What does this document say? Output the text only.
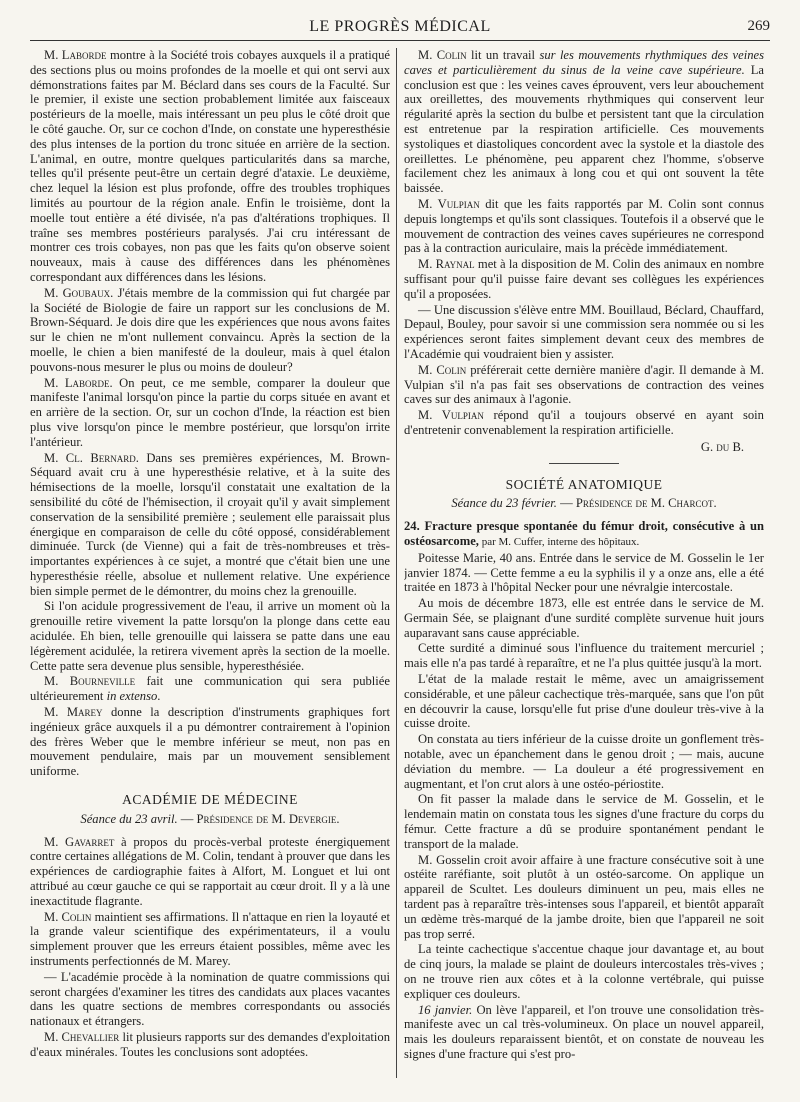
LE PROGRÈS MÉDICAL	269

M. Laborde montre à la Société trois cobayes auxquels il a pratiqué des sections plus ou moins profondes de la moelle et qui ont servi aux démonstrations faites par M. Béclard dans ses cours de la Faculté. Sur le premier, il existe une section probablement limitée aux faisceaux postérieurs de la moelle, mais intéressant un peu plus le côté droit que le côté gauche. Or, sur ce cochon d'Inde, on constate une hyperesthésie des plus intenses de la portion du tronc située en arrière de la section. L'animal, en outre, montre quelques particularités dans sa marche, telles qu'il présente peut-être un certain degré d'ataxie. Le deuxième, chez lequel la lésion est plus profonde, offre des troubles trophiques limités au pourtour de la région anale. Enfin le troisième, dont la moelle tout entière a été divisée, n'a pas d'altérations trophiques. Il traîne ses membres postérieurs paralysés. J'ai cru intéressant de montrer ces trois cobayes, non pas que les faits qu'on observe soient nouveaux, mais à cause des différences dans les phénomènes correspondant aux différences dans les lésions.

M. Goubaux. J'étais membre de la commission qui fut chargée par la Société de Biologie de faire un rapport sur les conclusions de M. Brown-Séquard. Je dois dire que les expériences que nous avons faites sur le chien ne m'ont nullement convaincu. Après la section de la moelle, le chien a bien manifesté de la douleur, mais à quel étalon pouvons-nous mesurer le plus ou moins de douleur?

M. Laborde. On peut, ce me semble, comparer la douleur que manifeste l'animal lorsqu'on pince la partie du corps située en avant et en arrière de la section. Or, sur un cochon d'Inde, la réaction est bien plus vive lorsqu'on pince le membre postérieur, que lorsqu'on irrite l'antérieur.

M. Cl. Bernard. Dans ses premières expériences, M. Brown-Séquard avait cru à une hyperesthésie relative, et à la suite des hémisections de la moelle, lorsqu'il constatait une exaltation de la sensibilité du côté de l'hémisection, il croyait qu'il y avait simplement conservation de la sensibilité première ; seulement elle paraissait plus énergique en comparaison de celle du côté opposé, considérablement diminuée. Turck (de Vienne) qui a fait de très-nombreuses et très-importantes expériences à ce sujet, a montré que c'était bien une une hyperesthésie réelle, absolue et nullement relative. Une expérience bien simple permet de le démontrer, du moins chez la grenouille.

Si l'on acidule progressivement de l'eau, il arrive un moment où la grenouille retire vivement la patte lorsqu'on la plonge dans cette eau acidulée. Eh bien, telle grenouille qui laissera se patte dans une eau légèrement acidulée, la retirera vivement après la section de la moelle. Cette patte sera devenue plus sensible, hyperesthésiée.

M. Bourneville fait une communication qui sera publiée ultérieurement in extenso.

M. Marey donne la description d'instruments graphiques fort ingénieux grâce auxquels il a pu démontrer contrairement à l'opinion des frères Weber que le membre inférieur se meut, non pas en mouvement pendulaire, mais par un mouvement sensiblement uniforme.

ACADÉMIE DE MÉDECINE
Séance du 23 avril. — Présidence de M. Devergie.

M. Gavarret à propos du procès-verbal proteste énergiquement contre certaines allégations de M. Colin, tendant à prouver que dans les expériences de cardiographie faites à Alfort, M. Longuet et lui ont attribué au cœur gauche ce qui se rapportait au cœur droit. Il y a là une inexactitude flagrante.

M. Colin maintient ses affirmations. Il n'attaque en rien la loyauté et la grande valeur scientifique des expérimentateurs, il a voulu simplement prouver que les erreurs étaient possibles, même avec les instruments perfectionnés de M. Marey.

— L'académie procède à la nomination de quatre commissions qui seront chargées d'examiner les titres des candidats aux places vacantes dans les quatre sections de membres correspondants ou associés nationaux et étrangers.

M. Chevallier lit plusieurs rapports sur des demandes d'exploitation d'eaux minérales. Toutes les conclusions sont adoptées.

M. Colin lit un travail sur les mouvements rhythmiques des veines caves et particulièrement du sinus de la veine cave supérieure. La conclusion est que : les veines caves éprouvent, vers leur abouchement aux oreillettes, des mouvements rhythmiques qui conservent leur régularité après la section du bulbe et persistent tant que la circulation est entretenue par la respiration artificielle. Ces mouvements systoliques et diastoliques concordent avec la systole et la diastole des oreillettes. Le phénomène, peu apparent chez l'homme, s'observe facilement chez les animaux à long cou et qui ont souvent la tête baissée.

M. Vulpian dit que les faits rapportés par M. Colin sont connus depuis longtemps et qu'ils sont classiques. Toutefois il a observé que le mouvement de contraction des veines caves supérieures ne correspond pas à la contraction auriculaire, mais la précède immédiatement.

M. Raynal met à la disposition de M. Colin des animaux en nombre suffisant pour qu'il puisse faire devant ses collègues les expériences qu'il a proposées.

— Une discussion s'élève entre MM. Bouillaud, Béclard, Chauffard, Depaul, Bouley, pour savoir si une commission sera nommée ou si les expériences seront faites simplement devant ceux des membres de l'Académie qui voudraient bien y assister.

M. Colin préférerait cette dernière manière d'agir. Il demande à M. Vulpian s'il n'a pas fait ses observations de contraction des veines caves sur des animaux à l'agonie.

M. Vulpian répond qu'il a toujours observé en ayant soin d'entretenir convenablement la respiration artificielle.

G. du B.
SOCIÉTÉ ANATOMIQUE
Séance du 23 février. — Présidence de M. Charcot.

24. Fracture presque spontanée du fémur droit, consécutive à un ostéosarcome, par M. Cuffer, interne des hôpitaux.

Poitesse Marie, 40 ans. Entrée dans le service de M. Gosselin le 1er janvier 1874. — Cette femme a eu la syphilis il y a onze ans, elle a été traitée en 1873 à l'hôpital Necker pour une névralgie intercostale.

Au mois de décembre 1873, elle est entrée dans le service de M. Germain Sée, se plaignant d'une surdité complète survenue huit jours auparavant sans cause appréciable.

Cette surdité a diminué sous l'influence du traitement mercuriel ; mais elle n'a pas tardé à reparaître, et ne l'a plus quittée jusqu'à la mort.

L'état de la malade restait le même, avec un amaigrissement considérable, et une pâleur cachectique très-marquée, sans que l'on pût en découvrir la cause, lorsqu'elle fut prise d'une douleur très-vive à la cuisse droite.

On constata au tiers inférieur de la cuisse droite un gonflement très-notable, avec un épanchement dans le genou droit ; — mais, aucune déviation du membre. — La douleur a été progressivement en augmentant, et l'on crut alors à une ostéo-périostite.

On fit passer la malade dans le service de M. Gosselin, et le lendemain matin on constata tous les signes d'une fracture du corps du fémur. Cette fracture a dû se produire spontanément pendant le transport de la malade.

M. Gosselin croit avoir affaire à une fracture consécutive soit à une ostéite raréfiante, soit plutôt à un ostéo-sarcome. On applique un appareil de Scultet. Les douleurs diminuent un peu, mais elles ne tardent pas à reparaître très-intenses sous l'appareil, et bientôt apparaît un œdème très-marqué de la jambe droite, bien que l'appareil ne soit pas trop serré.

La teinte cachectique s'accentue chaque jour davantage et, au bout de cinq jours, la malade se plaint de douleurs intercostales très-vives ; on ne trouve rien aux côtes et à la colonne vertébrale, qui puisse expliquer ces douleurs.

16 janvier. On lève l'appareil, et l'on trouve une consolidation très-manifeste avec un cal très-volumineux. On place un nouvel appareil, mais les douleurs reparaissent bientôt, et on constate de nouveau les signes d'une fracture qui s'est pro-
